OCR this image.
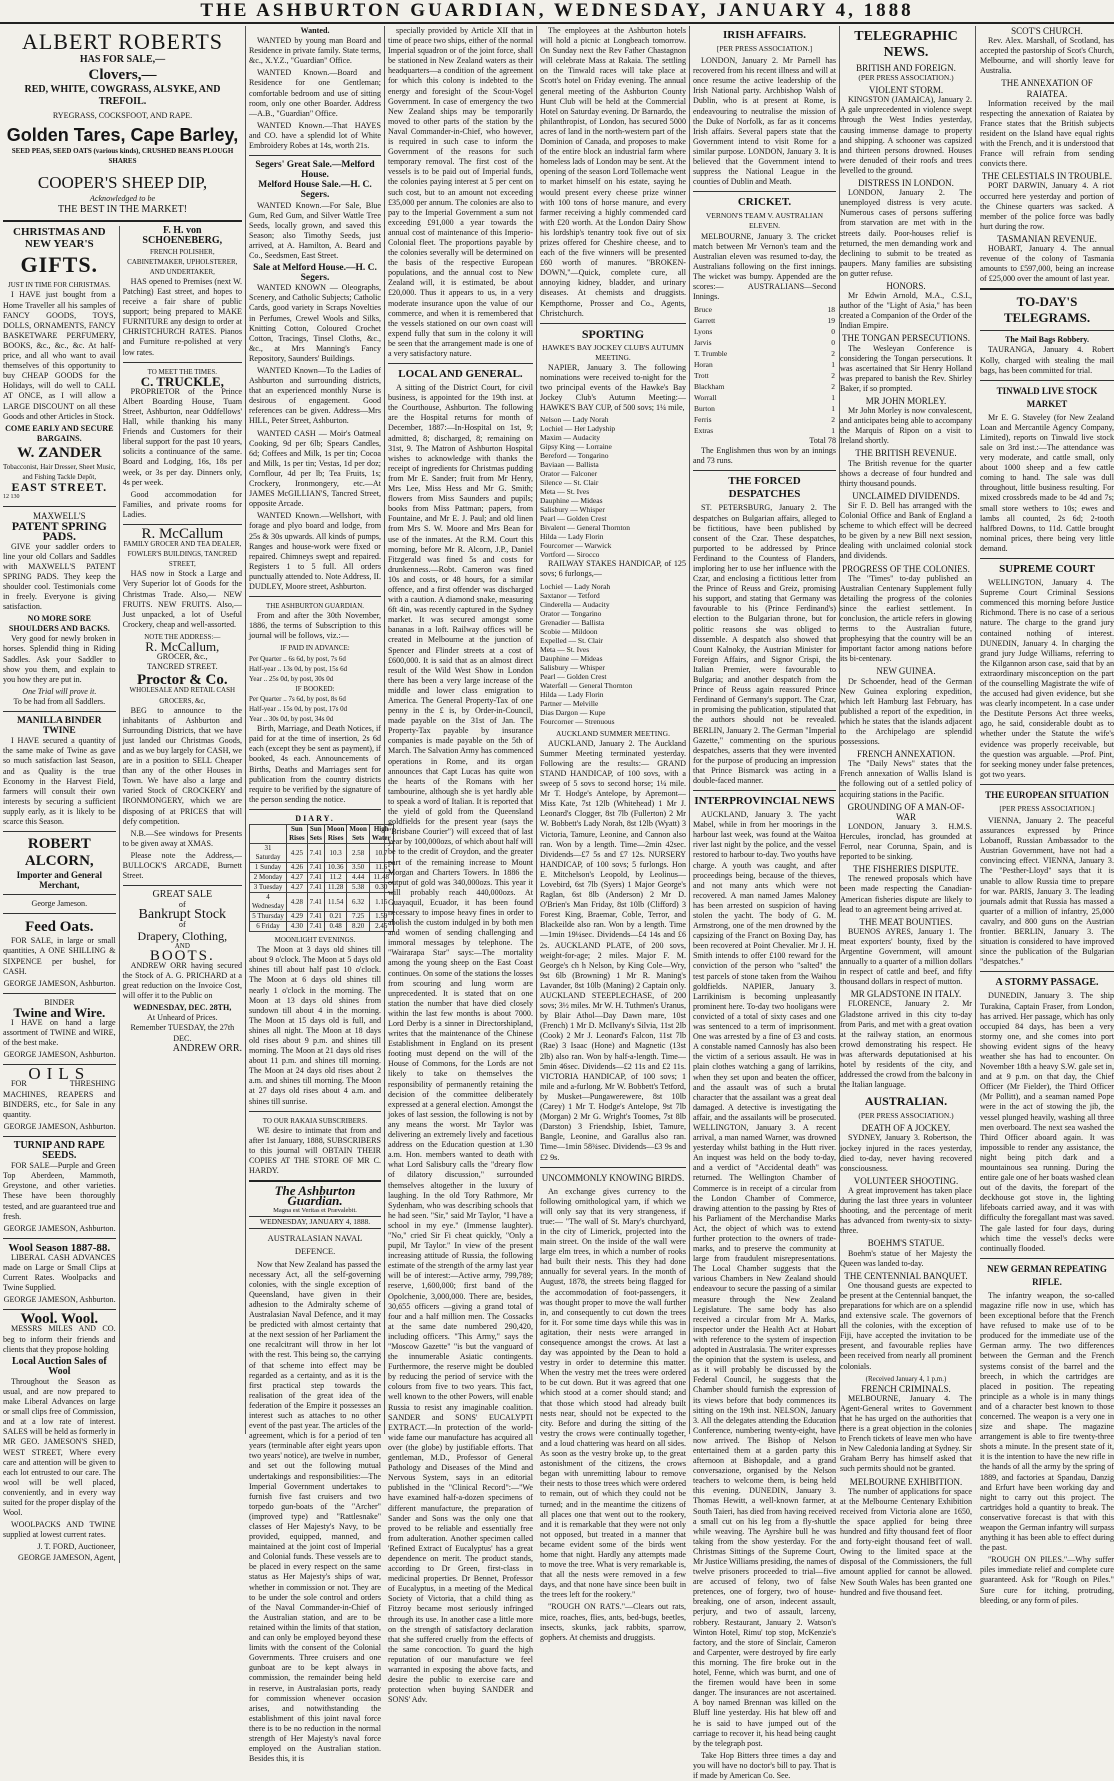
THE ASHBURTON GUARDIAN, WEDNESDAY, JANUARY 4, 1888
ALBERT ROBERTS
HAS FOR SALE,—
Clovers,—
RED, WHITE, COWGRASS, ALSYKE, AND TREFOIL.
RYEGRASS, COCKSFOOT, AND RAPE.
Golden Tares, Cape Barley,
SEED PEAS, SEED OATS (various kinds), CRUSHED BEANS PLOUGH SHARES
COOPER'S SHEEP DIP,
Acknowledged to be
THE BEST IN THE MARKET!
CHRISTMAS AND NEW YEAR'S
GIFTS.
JUST IN TIME FOR CHRISTMAS.

I HAVE just bought from a Home Traveller all his samples of FANCY GOODS, TOYS, DOLLS, ORNAMENTS, FANCY BASKETWARE PERFUMERY, BOOKS, &c., &c., &c. At half-price, and all who want to avail themselves of this opportunity to buy CHEAP GOODS for the Holidays, will do well to CALL AT ONCE, as I will allow a LARGE DISCOUNT on all these Goods and other Articles in Stock.

COME EARLY AND SECURE BARGAINS.
W. ZANDER
Tobacconist, Hair Dresser, Sheet Music, and Fishing Tackle Depôt,
EAST STREET.
12 130
MAXWELL'S
PATENT SPRING PADS.

GIVE your saddler orders to line your old Collars and Saddles with MAXWELL'S PATENT SPRING PADS. They keep the shoulder cool. Testimonials come in freely. Everyone is giving satisfaction.

NO MORE SORE SHOULDERS AND BACKS.

Very good for newly broken in horses. Splendid thing in Riding Saddles. Ask your Saddler to show you them, and explain to you how they are put in.

One Trial will prove it.
To be had from all Saddlers.
MANILLA BINDER TWINE

I HAVE secured a quantity of the same make of Twine as gave so much satisfaction last Season, and as Quality is the true Economy in the Harvest Field, farmers will consult their own interests by securing a sufficient supply early, as it is likely to be scarce this Season.

ROBERT ALCORN,
Importer and General Merchant,
George Jameson.
Feed Oats.

FOR SALE, in large or small quantities, A ONE SHILLING & SIXPENCE per bushel, for CASH.

GEORGE JAMESON, Ashburton.
BINDER
Twine and Wire.

I HAVE on hand a large assortment of TWINE and WIRE, of the best make.

GEORGE JAMESON, Ashburton.
OILS

FOR THRESHING MACHINES, REAPERS and BINDERS, etc., for Sale in any quantity.

GEORGE JAMESON, Ashburton.
TURNIP AND RAPE SEEDS.

FOR SALE—Purple and Green Top Aberdeen, Mammoth, Greystone, and other varieties. These have been thoroughly tested, and are guaranteed true and fresh.

GEORGE JAMESON, Ashburton.
Wool Season 1887-88.

LIBERAL CASH ADVANCES made on Large or Small Clips at Current Rates. Woolpacks and Twine Supplied.

GEORGE JAMESON, Ashburton.
Wool. Wool.

MESSRS MILES AND CO. beg to inform their friends and clients that they propose holding

Local Auction Sales of Wool

Throughout the Season as usual, and are now prepared to make Liberal Advances on large or small clips free of Commission, and at a low rate of interest. SALES will be held as formerly in MR GEO. JAMESON'S SHED, WEST STREET, Where every care and attention will be given to each lot entrusted to our care. The wool will be well placed, conveniently, and in every way suited for the proper display of the Wool.

WOOLPACKS AND TWINE supplied at lowest current rates.

J. T. FORD, Auctioneer, GEORGE JAMESON, Agent,
F. H. von SCHOENEBERG,
FRENCH POLISHER, CABINETMAKER, UPHOLSTERER, AND UNDERTAKER,

HAS opened to Premises (next W. Patching) East street, and hopes to receive a fair share of public support; being prepared to MAKE FURNITURE any design to order at CHRISTCHURCH RATES. Pianos and Furniture re-polished at very low rates.

TO MEET THE TIMES.
C. TRUCKLE,

PROPRIETOR of the Prince Albert Boarding House, Tuam Street, Ashburton, near Oddfellows' Hall, while thanking his many Friends and Customers for their liberal support for the past 10 years, solicits a continuance of the same. Board and Lodging, 16s, 18s per week, or 3s per day. Dinners only, 4s per week.

Good accommodation for Families, and private rooms for Ladies.

R. McCallum
FAMILY GROCER AND TEA DEALER, FOWLER'S BUILDINGS, TANCRED STREET,

HAS now in Stock a Large and Very Superior lot of Goods for the Christmas Trade. Also,— NEW FRUITS. NEW FRUITS. Also,—Just unpacked, a lot of Useful Crockery, cheap and well-assorted.

NOTE THE ADDRESS:—
R. McCallum,
GROCER, &c.,
TANCRED STREET.
Proctor & Co.
WHOLESALE AND RETAIL CASH GROCERS, &c,

BEG to announce to the inhabitants of Ashburton and Surrounding Districts, that we have just landed our Christmas Goods, and as we buy largely for CASH, we are in a position to SELL Cheaper than any of the other Houses in Town. We have also a large and varied Stock of CROCKERY and IRONMONGERY, which we are disposing of at PRICES that will defy competition.

N.B.—See windows for Presents to be given away at XMAS.

Please note the Address,— BULLOCK'S ARCADE, Burnett Street.

GREAT SALE
of
Bankrupt Stock
of
Drapery, Clothing,
AND
BOOTS.

ANDREW ORR having secured the Stock of A. G. PRICHARD at a great reduction on the Invoice Cost, will offer it to the Public on

WEDNESDAY, DEC. 28TH,
At Unheard of Prices.
Remember TUESDAY, the 27th DEC.
ANDREW ORR.
Wanted.

WANTED by young man Board and Residence in private family. State terms, &c., X.Y.Z., "Guardian" Office.

WANTED Known.—Board and Residence for one Gentleman; comfortable bedroom and use of sitting room, only one other Boarder. Address—A.B., "Guardian" Office.

WANTED Known.—That HAYES and CO. have a splendid lot of White Embroidery Robes at 14s, worth 21s.

Segers' Great Sale.—Melford House.
Melford House Sale.—H. C. Segers.

WANTED Known.—For Sale, Blue Gum, Red Gum, and Silver Wattle Tree Seeds, locally grown, and saved this Season; also Timothy Seeds, just arrived, at A. Hamilton, A. Beard and Co., Seedsmen, East Street.

Sale at Melford House.—H. C. Segers.

WANTED KNOWN — Oleographs, Scenery, and Catholic Subjects; Catholic Cards, good variety in Scraps Novelties in Perfumes, Crewel Wools and Silks, Knitting Cotton, Coloured Crochet Cotton, Tracings, Tinsel Cloths, &c., &c., at Mrs Manning's Fancy Repository, Saunders' Buildings.

WANTED Known—To the Ladies of Ashburton and surrounding districts, that an experienced monthly Nurse is desirous of engagement. Good references can be given. Address—Mrs HILL, Peter Street, Ashburton.

WANTED CASH — Moir's Oatmeal Cooking, 9d per 6lb; Spears Candles, 6d; Coffees and Milk, 1s per tin; Cocoa and Milk, 1s per tin; Vestas, 1d per doz; Cornflour, 4d per lb; Tea Fruits, 1s; Crockery, Ironmongery, etc.—At JAMES McGILLIAN'S, Tancred Street, opposite Arcade.

WANTED Known.—Wellshort, with forage and plyo board and lodge, from 25s & 30s upwards. All kinds of pumps, Ranges and house-work were fixed or repaired. Chimneys swept and repaired. Registers 1 to 5 full. All orders punctually attended to. Note Address, II. DUDLEY, Moore street, Ashburton.

THE ASHBURTON GUARDIAN.

From and after the 30th November, 1886, the terms of Subscription to this journal will be follows, viz.:—

IF PAID IN ADVANCE:
Per Quarter .. 6s 6d, by post, 7s 6d
Half-year .. 13s 0d, by post, 15s 6d
Year .. 25s 0d, by post, 30s 0d
IF BOOKED:
Per Quarter .. 7s 6d, by post, 8s 6d
Half-year .. 15s 0d, by post, 17s 0d
Year .. 30s 0d, by post, 34s 0d

Birth, Marriage, and Death Notices, if paid for at the time of insertion, 2s 6d each (except they be sent as payment), if booked, 4s each. Announcements of Births, Deaths and Marriages sent for publication from the country districts require to be verified by the signature of the person sending the notice.

DIARY.
	Sun Rises	Sun Sets	Moon Rises	Moon Sets	High Water
31 Saturday	4.25	7.41	10.3	2.58	10.7
1 Sunday	4.26	7.41	10.36	3.50	11.6
2 Monday	4.27	7.41	11.2	4.44	11.48
3 Tuesday	4.27	7.41	11.28	5.38	0.30
4 Wednesday	4.28	7.41	11.54	6.32	1.15
5 Thursday	4.29	7.41	0.21	7.25	1.59
6 Friday	4.30	7.41	0.48	8.20	2.45
MOONLIGHT EVENINGS.

The Moon at 3 days old shines till about 9 o'clock. The Moon at 5 days old shines till about half past 10 o'clock. The Moon at 6 days old shines till nearly 1 o'clock in the morning. The Moon at 13 days old shines from sundown till about 4 in the morning. The Moon at 15 days old is full, and shines all night. The Moon at 18 days old rises about 9 p.m. and shines till morning. The Moon at 21 days old rises about 11 p.m. and shines till morning. The Moon at 24 days old rises about 2 a.m. and shines till morning. The Moon at 27 days old rises about 4 a.m. and shines till sunrise.

TO OUR RAKAIA SUBSCRIBERS.

WE desire to intimate that from and after 1st January, 1888, SUBSCRIBERS to this journal will OBTAIN THEIR COPIES AT THE STORE OF MR C. HARDY.

The Ashburton Guardian.
Magna est Veritas et Prævalebit.
WEDNESDAY, JANUARY 4, 1888.
AUSTRALASIAN NAVAL DEFENCE.

Now that New Zealand has passed the necessary Act, all the self-governing colonies, with the single exception of Queensland, have given in their adhesion to the Admiralty scheme of Australasian Naval Defence, and it may be predicted with almost certainty that at the next session of her Parliament the one recalcitrant will throw in her lot with the rest. This being so, the carrying of that scheme into effect may be regarded as a certainty, and as it is the first practical step towards the realisation of the great idea of the federation of the Empire it possesses an interest such as attaches to no other event of the past year. The articles of the agreement, which is for a period of ten years (terminable after eight years upon two years' notice), are twelve in number, and set out the following mutual undertakings and responsibilities:—The Imperial Government undertakes to furnish five fast cruisers and two torpedo gun-boats of the "Archer" (improved type) and "Rattlesnake" classes of Her Majesty's Navy, to be provided, equipped, manned, and maintained at the joint cost of Imperial and Colonial funds. These vessels are to be placed in every respect on the same status as Her Majesty's ships of war, whether in commission or not. They are to be under the sole control and orders of the Naval Commander-in-Chief of the Australian station, and are to be retained within the limits of that station, and can only be employed beyond these limits with the consent of the Colonial Governments. Three cruisers and one gunboat are to be kept always in commission, the remainder being held in reserve, in Australasian ports, ready for commission whenever occasion arises, and notwithstanding the establishment of this joint naval force there is to be no reduction in the normal strength of Her Majesty's naval force employed on the Australian station. Besides this, it is

specially provided by Article XII that in time of peace two ships, either of the normal Imperial squadron or of the joint force, shall be stationed in New Zealand waters as their headquarters—a condition of the agreement for which this colony is indebted to the energy and foresight of the Scout-Vogel Government. In case of emergency the two New Zealand ships may be temporarily moved to other parts of the station by the Naval Commander-in-Chief, who however, is required in such case to inform the Government of the reasons for such temporary removal. The first cost of the vessels is to be paid out of Imperial funds, the colonies paying interest at 5 per cent on such cost, but to an amount not exceeding £35,000 per annum. The colonies are also to pay to the Imperial Government a sum not exceeding £91,000 a year towards the annual cost of maintenance of this Imperio-Colonial fleet. The proportions payable by the colonies severally will be determined on the basis of the respective European populations, and the annual cost to New Zealand will, it is estimated, be about £20,000. Thus it appears to us, in a very moderate insurance upon the value of our commerce, and when it is remembered that the vessels stationed on our own coast will expend fully that sum in the colony it will be seen that the arrangement made is one of a very satisfactory nature.

LOCAL AND GENERAL.

A sitting of the District Court, for civil business, is appointed for the 19th inst. at the Courthouse, Ashburton. The following are the Hospital returns for month of December, 1887:—In-Hospital on 1st, 9; admitted, 8; discharged, 8; remaining on 31st, 9. The Matron of Ashburton Hospital wishes to acknowledge with thanks the receipt of ingredients for Christmas pudding from Mr E. Sander; fruit from Mr Henry, Mrs Lee, Miss Hess and Mr G. Smith; flowers from Miss Saunders and pupils; books from Miss Pattman; papers, from Fountaine, and Mr E. J. Paul; and old linen from Mrs S. W. Moore and Mrs Bean for use of the inmates. At the R.M. Court this morning, before Mr R. Alcorn, J.P., Daniel Fitzgerald was fined 5s and costs for drunkenness.—Robt. Cameron was fined 10s and costs, or 48 hours, for a similar offence, and a first offender was discharged with a caution. A diamond snake, measuring 6ft 4in, was recently captured in the Sydney market. It was secured amongst some bananas in a loft. Railway offices will be created in Melbourne at the junction of Spencer and Flinder streets at a cost of £600,000. It is said that as an almost direct result of the Wild West Show in London there has been a very large increase of the middle and lower class emigration to America. The General Property-Tax of one penny in the £ is, by Order-in-Council, made payable on the 31st of Jan. The Property-Tax payable by insurance companies is made payable on the 5th of March. The Salvation Army has commenced operations in Rome, and its organ announces that Capt Lucas has quite won the hearts of the Romans with her tambourine, although she is yet hardly able to speak a word of Italian. It is reported that the yield of gold from the Queensland goldfields for the present year (says the "Brisbane Courier") will exceed that of last year by 100,000ozs, of which about half will be to the credit of Croydon, and the greater part of the remaining increase to Mount Morgan and Charters Towers. In 1886 the output of gold was 340,000ozs. This year it will probably reach 440,000ozs. At Guayaquil, Ecuador, it has been found necessary to impose heavy fines in order to abolish the custom indulged in by both men and women of sending challenging and immoral messages by telephone. The "Wairarapa Star" says:—The mortality among the young sheep on the East Coast continues. On some of the stations the losses from scouring and lung worm are unprecedented. It is stated that on one station the number that have died closely within the last few months is about 7000. Lord Derby is a sinner in Directorshipland, writes that the maintenance of the Chinese Establishment in England on its present footing must depend on the will of the House of Commons, for the Lords are not likely to take on themselves the responsibility of permanently retaining the decision of the committee deliberately expressed at a general election. Amongst the jokes of last session, the following is not by any means the worst. Mr Taylor was delivering an extremely lively and facetious address on the Education question at 1.30 a.m. Hon. members wanted to death with what Lord Salisbury calls the "dreary flow of dilatory discussion," surrounded themselves altogether in the luxury of laughing. In the old Tory Rathmore, Mr Sydenham, who was describing schools that he had seen. "Sir," said Mr Taylor, "I have a school in my eye." (Immense laughter). "No," cried Sir Fi cheat quickly, "Only a pupil, Mr Taylor." In view of the present increasing attitude of Russia, the following estimate of the strength of the army last year will be of interest:—Active army, 799,789; reserve, 1,600,000; first band of the Opolchenie, 3,000,000. There are, besides, 30,655 officers —giving a grand total of four and a half million men. The Cossacks at the same date numbered 290,420, including officers. "This Army," says the "Moscow Gazette" "is but the vanguard of the innumerable Asiatic contingents. Furthermore, the reserve might be doubled by reducing the period of service with the colours from five to two years. This fact, well known to the other Powers, will enable Russia to resist any imaginable coalition. SANDER and SONS' EUCALYPTI EXTRACT.—In protection of the world-wide fame our manufacture has acquired all over (the globe) by justifiable efforts. That gentleman, M.D., Professor of General Pathology and Diseases of the Mind and Nervous System, says in an editorial published in the "Clinical Record":—"We have examined half-a-dozen specimens of different manufacture, the preparation of Sander and Sons was the only one that proved to be reliable and essentially free from adulteration. Another specimen called 'Refined Extract of Eucalyptus' has a great dependence on merit. The product stands, according to Dr Green, first-class in medicinal properties. Dr Bennet, Professor of Eucalyptus, in a meeting of the Medical Society of Victoria, that a child thing as Fitzroy became most seriously infringed through its use. In another case a little more on the strength of satisfactory declaration that she suffered cruelly from the effects of the same concoction. To guard the high reputation of our manufacture we feel warranted in exposing the above facts, and desire the public to exercise care and protection when buying SANDER and SONS' Adv.

The employees at the Ashburton hotels will hold a picnic at Longbeach tomorrow. On Sunday next the Rev Father Chastagnon will celebrate Mass at Rakaia. The settling on the Tinwald races will take place at Scott's hotel on Friday evening. The annual general meeting of the Ashburton County Hunt Club will be held at the Commercial Hotel on Saturday evening. Dr Barnardo, the philanthropist, of London, has secured 5000 acres of land in the north-western part of the Dominion of Canada, and proposes to make of the entire block an industrial farm where homeless lads of London may be sent. At the opening of the season Lord Tollemache went to market himself on his estate, saying he would present every cheese prize winner with 100 tons of horse manure, and every farmer receiving a highly commended card with £20 worth. At the London Dairy Show his lordship's tenantry took five out of six prizes offered for Cheshire cheese, and to each of the five winners will be presented £60 worth of manures. "BROKEN-DOWN,"—Quick, complete cure, all annoying kidney, bladder, and urinary diseases. At chemists and druggists. Kempthorne, Prosser and Co., Agents, Christchurch.

SPORTING
HAWKE'S BAY JOCKEY CLUB'S AUTUMN MEETING.

NAPIER, January 3. The following nominations were received to-night for the two principal events of the Hawke's Bay Jockey Club's Autumn Meeting:— HAWKE'S BAY CUP, of 500 sovs; 1¼ mile,

Nelson — Lady Norah
Lochiel — Her Ladyship
Maxim — Audacity
Gipsy King — Lorraine
Bereford — Tongarino
Baviaan — Ballista
Orator — Falconer
Silence — St. Clair
Meta — St. Ives
Dauphine — Mideas
Salisbury — Whisper
Pearl — Golden Crest
Bivalent — General Thornton
Hilda — Lady Florin
Fourcorner — Warwick
Vortford — Sirocco

RAILWAY STAKES HANDICAP, of 125 sovs; 6 furlongs,—

Lochiel — Lady Norah
Saxtanor — Tetford
Cinderella — Audacity
Orator — Tongarino
Grenadier — Ballista
Scobie — Mildoon
Expelled — St. Clair
Meta — St. Ives
Dauphine — Mideas
Salisbury — Whisper
Pearl — Golden Crest
Waterfall — General Thornton
Hilda — Lady Florin
Partner — Melville
Dias Dargon — Kupe
Fourcorner — Strenuous
AUCKLAND SUMMER MEETING.

AUCKLAND, January 2. The Auckland Summer Meeting terminated yesterday. Following are the results:— GRAND STAND HANDICAP, of 100 sovs, with a sweep of 5 sovs to second horse; 1¼ mile. Mr T. Hodge's Antelope, by Apremont—Miss Kate, 7st 12lb (Whitehead) 1 Mr J. Leonard's Clogger, 8st 7lb (Fullerton) 2 Mr W. Bobbett's Lady Norah, 8st 12lb (Wyatt) 3 Victoria, Tamure, Leonine, and Cannon also ran. Won by a length. Time—2min 42sec. Dividends—£7 5s and £7 12s. NURSERY HANDICAP, of 100 sovs; 5 furlongs. Hon E. Mitchelson's Leopold, by Leolinus—Lovebird, 6st 7lb (Syers) 1 Major George's Raglan, 6st 8lb (Anderson) 2 Mr D. O'Brien's Man Friday, 8st 10lb (Clifford) 3 Forest King, Braemar, Coble, Terror, and Blackeilde also ran. Won by a length. Time—1min 19¼sec. Dividends—£4 14s and £6 2s. AUCKLAND PLATE, of 200 sovs, weight-for-age; 2 miles. Major F. M. George's ch h Nelson, by King Cole—Wry, 9st 6lb (Browning) 1 Mr R. Maning's Lavander, 8st 10lb (Maning) 2 Captain only. AUCKLAND STEEPLECHASE, of 200 sovs; 3½ miles. Mr W. H. Tuthmen's Uranus, by Blair Athol—Day Dawn mare, 10st (French) 1 Mr D. McIlvany's Silvia, 11st 2lb (Cook) 2 Mr J. Leonard's Falcon, 11st 7lb (Rae) 3 Isaac (Hone) and Magnetic (13st 2lb) also ran. Won by half-a-length. Time—5min 46sec. Dividends—£2 11s and £2 11s. VICTORIA HANDICAP, of 100 sovs; 1 mile and a-furlong. Mr W. Bobbett's Tetford, by Musket—Pungawerewere, 8st 10lb (Carey) 1 Mr T. Hodge's Antelope, 9st 7lb (Morgan) 2 Mr G. Wright's Toomes, 7st 8lb (Darston) 3 Friendship, Isbiet, Tamure, Bangle, Leonine, and Garallus also ran. Time—1min 58¾sec. Dividends—£3 9s and £2 9s.

UNCOMMONLY KNOWING BIRDS.

An exchange gives currency to the following ornithological yarn, if which we will only say that its very strangeness, if true:— "The wall of St. Mary's churchyard, in the city of Limerick, projected into the main street. On the inside of the wall were large elm trees, in which a number of rooks had built their nests. This they had done annually for several years. In the month of August, 1878, the streets being flagged for the accommodation of foot-passengers, it was thought proper to move the wall further in, and consequently to cut down the trees for it. For some time days while this was in agitation, their nests were arranged in consequence amongst the crows. At last a day was appointed by the Dean to hold a vestry in order to determine this matter. When the vestry met the trees were ordered to be cut down. But it was agreed that one which stood at a corner should stand; and that those which stood had already built nests near, should not be expected to the city. Before and during the sitting of the vestry the crows were continually together, and a loud chattering was heard on all sides. As soon as the vestry broke up, to the great astonishment of the citizens, the crows began with unremitting labour to remove their nests to those trees which were ordered to remain, out of which they could not be turned; and in the meantime the citizens of all places one that went out to the rookery, and it is remarkable that they were not only not opposed, but treated in a manner that became evident some of the birds went home that night. Hardly any attempts made to move the tree. What is very remarkable is, that all the nests were removed in a few days, and that none have since been built in the trees left for the rookery."

"ROUGH ON RATS."—Clears out rats, mice, roaches, flies, ants, bed-bugs, beetles, insects, skunks, jack rabbits, sparrow, gophers. At chemists and druggists.

IRISH AFFAIRS.
[PER PRESS ASSOCIATION.]

LONDON, January 2. Mr Parnell has recovered from his recent illness and will at once resume the active leadership of the Irish National party. Archbishop Walsh of Dublin, who is at present at Rome, is endeavouring to neutralise the mission of the Duke of Norfolk, as far as it concerns Irish affairs. Several papers state that the Government intend to visit Rome for a similar purpose. LONDON, January 3. It is believed that the Government intend to suppress the National League in the counties of Dublin and Meath.

CRICKET.
VERNON'S TEAM V. AUSTRALIAN ELEVEN.

MELBOURNE, January 3. The cricket match between Mr Vernon's team and the Australian eleven was resumed to-day, the Australians following on the first innings. The wicket was bumpy. Appended are the scores:— AUSTRALIANS—Second Innings.

Bruce	18
Garrett	19
Lyons	0
Jarvis	0
T. Trumble	2
Horan	1
Trott	2
Blackham	2
Worrall	1
Burton	1
Ferris	2
Extras	1
Total 78

The Englishmen thus won by an innings and 73 runs.

THE FORCED DESPATCHES

ST. PETERSBURG, January 2. The despatches on Bulgarian affairs, alleged to be fictitious, have been published by consent of the Czar. These despatches, purported to be addressed by Prince Ferdinand to the Countess of Flanders, imploring her to use her influence with the Czar, and enclosing a fictitious letter from the Prince of Reuss and Greiz, promising his support, and stating that Germany was favourable to his (Prince Ferdinand's) election to the Bulgarian throne, but for politic reasons she was obliged to dissemble. A despatch also showed that Count Kalnoky, the Austrian Minister for Foreign Affairs, and Signor Crispi, the Italian Premier, were favourable to Bulgaria; and another despatch from the Prince of Reuss again reassured Prince Ferdinand of Germany's support. The Czar, in promising the publication, stipulated that the authors should not be revealed. BERLIN, January 2. The German "Imperial Gazette," commenting on the spurious despatches, asserts that they were invented for the purpose of producing an impression that Prince Bismarck was acting in a double-faced manner.

INTERPROVINCIAL NEWS

AUCKLAND, January 3. The yacht Mabel, while in from her moorings in the harbour last week, was found at the Waitoa river last night by the police, and the vessel restored to harbour to-day. Two youths have charge. A youth was caught, and after proceedings being, because of the thieves, and not many ants which were not recovered. A man named James Maloney has been arrested on suspicion of having stolen the yacht. The body of G. M. Armstrong, one of the men drowned by the capsizing of the Franct on Boxing Day, has been recovered at Point Chevalier. Mr J. H. Smith intends to offer £100 reward for the conviction of the person who "salted" the test parcels of stone taken from the Waihou goldfields. NAPIER, January 3. Larrikinism is becoming unpleasantly prominent here. To-day two hooligans were convicted of a total of sixty cases and one was sentenced to a term of imprisonment. One was arrested by a fine of £3 and costs. A constable named Cannosly has also been the victim of a serious assault. He was in plain clothes watching a gang of larrikins, when they set upon and beaten the officer, and the assault was of such a brutal character that the assailant was a great deal damaged. A detective is investigating the affair, and the assailants will be prosecuted. WELLINGTON, January 3. A recent arrival, a man named Warner, was drowned yesterday whilst bathing in the Hutt river. An inquest was held on the body to-day, and a verdict of "Accidental death" was returned. The Wellington Chamber of Commerce is in receipt of a circular from the London Chamber of Commerce, drawing attention to the passing by Rtes of his Parliament of the Merchandise Marks Act, the object of which was to extend further protection to the owners of trade-marks, and to preserve the community at large from fraudulent misrepresentations. The Local Chamber suggests that the various Chambers in New Zealand should endeavour to secure the passing of a similar measure through the New Zealand Legislature. The same body has also received a circular from Mr A. Marks, inspector under the Health Act at Hobart with reference to the system of inspection adopted in Australasia. The writer expresses the opinion that the system is useless, and as it will probably be discussed by the Federal Council, he suggests that the Chamber should furnish the expression of its views before that body commences its sitting on the 19th inst. NELSON, January 3. All the delegates attending the Education Conference, numbering twenty-eight, have now arrived. The Bishop of Nelson entertained them at a garden party this afternoon at Bishopdale, and a grand conversazione, organised by the Nelson teachers to welcome them, is being held this evening. DUNEDIN, January 3. Thomas Hewitt, a well-known farmer, at South Taieri, has died from having received a small cut on his leg from a fly-shuttle while weaving. The Ayrshire bull he was taking from the show yesterday. For the Christmas Sittings of the Supreme Court, Mr Justice Williams presiding, the names of twelve prisoners proceeded to trial—five are accused of felony, two of false pretences, one of forgery, two of house-breaking, one of arson, indecent assault, perjury, and two of assault, larceny, robbery. Restaurant, January 2. Watson's Winton Hotel, Rimu' top stop, McKenzie's factory, and the store of Sinclair, Cameron and Carpenter, were destroyed by fire early this morning. The fire broke out in the hotel, Fenne, which was burnt, and one of the firemen would have been in some danger. The insurances are not ascertained. A boy named Brennan was killed on the Bluff line yesterday. His hat blew off and he is said to have jumped out of the carriage to recover it, his head being caught by the telegraph post.

Take Hop Bitters three times a day and you will have no doctor's bill to pay. That is if made by American Co. See.

TELEGRAPHIC NEWS.
BRITISH AND FOREIGN.
(PER PRESS ASSOCIATION.)
VIOLENT STORM.

KINGSTON (JAMAICA), January 2. A gale unprecedented in violence swept through the West Indies yesterday, causing immense damage to property and shipping. A schooner was capsized and thirteen persons drowned. Houses were denuded of their roofs and trees levelled to the ground.

DISTRESS IN LONDON.

LONDON, January 2. The unemployed distress is very acute. Numerous cases of persons suffering from starvation are met with in the streets daily. Poor-houses relief is returned, the men demanding work and declining to submit to be treated as paupers. Many families are subsisting on gutter refuse.

HONORS.

Mr Edwin Arnold, M.A., C.S.I., author of the "Light of Asia," has been created a Companion of the Order of the Indian Empire.

THE TONGAN PERSECUTIONS.

The Wesleyan Conference is considering the Tongan persecutions. It was ascertained that Sir Henry Holland was prepared to banish the Rev. Shirley Baker, if so prompted.

MR JOHN MORLEY.

Mr John Morley is now convalescent, and anticipates being able to accompany the Marquis of Ripon on a visit to Ireland shortly.

THE BRITISH REVENUE.

The British revenue for the quarter shows a decrease of four hundred and thirty thousand pounds.

UNCLAIMED DIVIDENDS.

Sir F. D. Bell has arranged with the Colonial Office and Bank of England a scheme to which effect will be decreed to be given by a new Bill next session, dealing with unclaimed colonial stock and dividends.

PROGRESS OF THE COLONIES.

The "Times" to-day published an Australian Centenary Supplement fully detailing the progress of the colonies since the earliest settlement. In conclusion, the article refers in glowing terms to the Australian future, prophesying that the country will be an important factor among nations before its bi-centenary.

NEW GUINEA.

Dr Schoender, head of the German New Guinea exploring expedition, which left Hamburg last February, has published a report of the expedition, in which he states that the islands adjacent to the Archipelago are splendid possessions.

FRENCH ANNEXATION.

The "Daily News" states that the French annexation of Wallis Island is the following out of a settled policy of acquiring stations in the Pacific.

GROUNDING OF A MAN-OF-WAR

LONDON, January 3. H.M.S. Hercules, ironclad, has grounded at Ferrol, near Corunna, Spain, and is reported to be sinking.

THE FISHERIES DISPUTE.

The renewed proposals which have been made respecting the Canadian-American fisheries dispute are likely to lead to an agreement being arrived at.

THE MEAT BOUNTIES.

BUENOS AYRES, January 1. The meat exporters' bounty, fixed by the Argentine Government, will amount annually to a quarter of a million dollars in respect of cattle and beef, and fifty thousand dollars in respect of mutton.

MR GLADSTONE IN ITALY.

FLORENCE, January 2. Mr Gladstone arrived in this city to-day from Paris, and met with a great ovation at the railway station, an enormous crowd demonstrating his respect. He was afterwards deputationised at his hotel by residents of the city, and addressed the crowd from the balcony in the Italian language.

AUSTRALIAN.
(PER PRESS ASSOCIATION.)
DEATH OF A JOCKEY.

SYDNEY, January 3. Robertson, the jockey injured in the races yesterday, died to-day, never having recovered consciousness.

VOLUNTEER SHOOTING.

A great improvement has taken place during the last three years in volunteer shooting, and the percentage of merit has advanced from twenty-six to sixty-three.

BOEHM'S STATUE.

Boehm's statue of her Majesty the Queen was landed to-day.

THE CENTENNIAL BANQUET.

One thousand guests are expected to be present at the Centennial banquet, the preparations for which are on a splendid and extensive scale. The governors of all the colonies, with the exception of Fiji, have accepted the invitation to be present, and favourable replies have been received from nearly all prominent colonials.

(Received January 4, 1 p.m.)
FRENCH CRIMINALS.

MELBOURNE, January 4. The Agent-General writes to Government that he has urged on the authorities that there is a great objection in the colonies to French tickets of leave men who have in New Caledonia landing at Sydney. Sir Graham Berry has himself asked that such permits should not be granted.

MELBOURNE EXHIBITION.

The number of applications for space at the Melbourne Centenary Exhibition received from Victoria alone are 1650, the space applied for being three hundred and fifty thousand feet of floor and forty-eight thousand feet of wall. Owing to the limited space at the disposal of the Commissioners, the full amount applied for cannot be allowed. New South Wales has been granted one hundred and five thousand feet.

SCOT'S CHURCH.

Rev. Alex. Marshall, of Scotland, has accepted the pastorship of Scot's Church, Melbourne, and will shortly leave for Australia.

THE ANNEXATION OF RAIATEA.

Information received by the mail respecting the annexation of Raiatea by France states that the British subjects resident on the Island have equal rights with the French, and it is understood that France will refrain from sending convicts there.

THE CELESTIALS IN TROUBLE.

PORT DARWIN, January 4. A riot occurred here yesterday and portion of the Chinese quarters was sacked. A member of the police force was badly hurt during the row.

TASMANIAN REVENUE.

HOBART, January 4. The annual revenue of the colony of Tasmania amounts to £597,000, being an increase of £25,000 over the amount of last year.

TO-DAY'S TELEGRAMS.
The Mail Bags Robbery.

TAURANGA, January 4. Robert Kolly, charged with stealing the mail bags, has been committed for trial.

TINWALD LIVE STOCK MARKET

Mr E. G. Staveley (for New Zealand Loan and Mercantile Agency Company, Limited), reports on Tinwald live stock sale on 3rd inst.:—The attendance was very moderate, and cattle small, only about 1000 sheep and a few cattle coming to hand. The sale was dull throughout, little business resulting. For mixed crossbreds made to be 4d and 7s; small store wethers to 10s; ewes and lambs all counted, 2s 6d; 2-tooth halfbred Downs, to 11d. Cattle brought nominal prices, there being very little demand.

SUPREME COURT

WELLINGTON, January 4. The Supreme Court Criminal Sessions commenced this morning before Justice Richmond. There is no case of a serious nature. The charge to the grand jury contained nothing of interest. DUNEDIN, January 4. In charging the grand jury Judge Williams, referring to the Kilgannon arson case, said that by an extraordinary misconception on the part of the counselling Magistrate the wife of the accused had given evidence, but she was clearly incompetent. In a case under the Destitute Persons Act three weeks, ago, he said, considerable doubt as to whether under the Statute the wife's evidence was properly receivable, but the question was arguable. —Prof. Pint, for seeking money under false pretences, got two years.

THE EUROPEAN SITUATION
[PER PRESS ASSOCIATION.]

VIENNA, January 2. The peaceful assurances expressed by Prince Lobanoff, Russian Ambassador to the Austrian Government, have not had a convincing effect. VIENNA, January 3. The "Pesther-Lloyd" says that it is unable to allow Russia time to prepare for war. PARIS, January 3. The leading journals admit that Russia has massed a quarter of a million of infantry, 25,000 cavalry, and 800 guns on the Austrian frontier. BERLIN, January 3. The situation is considered to have improved since the publication of the Bulgarian "despatches."

A STORMY PASSAGE.

DUNEDIN, January 3. The ship Turakina, Captain Fraser, from London, has arrived. Her passage, which has only occupied 84 days, has been a very stormy one, and she comes into port showing evident signs of the heavy weather she has had to encounter. On November 18th a heavy S.W. gale set in, and at 9 p.m. on that day, the Chief Officer (Mr Fielder), the Third Officer (Mr Pollitt), and a seaman named Pope were in the act of stowing the jib, the vessel plunged heavily, washing all three men overboard. The next sea washed the Third Officer aboard again. It was impossible to render any assistance, the night being pitch dark and a mountainous sea running. During the entire gale one of her boats washed clean out of the davits, the forepart of the deckhouse got stove in, the lighting lifeboats carried away, and it was with difficulty the foregallant mast was saved. The gale lasted for four days, during which time the vessel's decks were continually flooded.

NEW GERMAN REPEATING RIFLE.

The infantry weapon, the so-called magazine rifle now in use, which has been exceptional before that the French have refused to make use of to be produced for the immediate use of the German army. The two differences between the German and the French systems consist of the barrel and the breech, in which the cartridges are placed in position. The repeating principle as a whole is in many things and of a character best known to those concerned. The weapon is a very one in size and shape. The magazine arrangement is able to fire twenty-three shots a minute. In the present state of it, it is the intention to have the new rifle in the hands of all the army by the spring of 1889, and factories at Spandau, Danzig and Erfurt have been working day and night to carry out this project. The cartridges hold a quantity to break. The conservative forecast is that with this weapon the German infantry will surpass anything it has been able to effect during the past.

"ROUGH ON PILES."—Why suffer piles immediate relief and complete cure guaranteed. Ask for "Rough on Piles." Sure cure for itching, protruding, bleeding, or any form of piles.
